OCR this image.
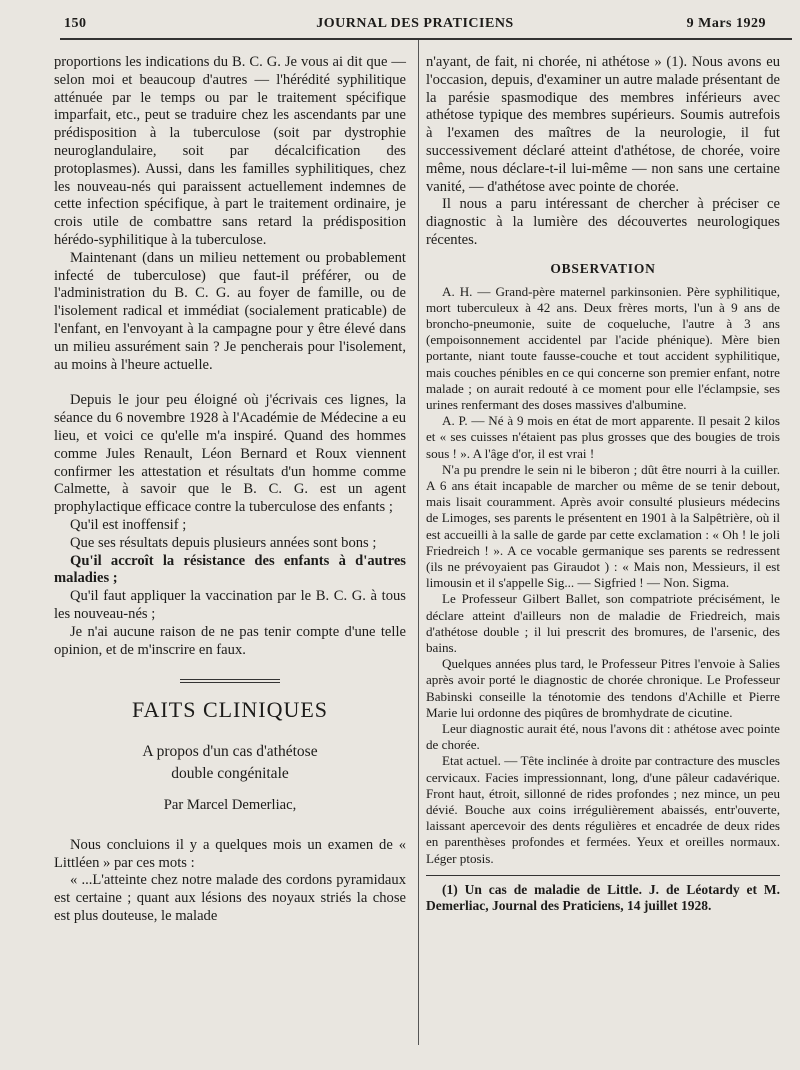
150	JOURNAL DES PRATICIENS	9 Mars 1929

proportions les indications du B. C. G. Je vous ai dit que — selon moi et beaucoup d'autres — l'hérédité syphilitique atténuée par le temps ou par le traitement spécifique imparfait, etc., peut se traduire chez les ascendants par une prédisposition à la tuberculose (soit par dystrophie neuroglandulaire, soit par décalcification des protoplasmes). Aussi, dans les familles syphilitiques, chez les nouveau-nés qui paraissent actuellement indemnes de cette infection spécifique, à part le traitement ordinaire, je crois utile de combattre sans retard la prédisposition hérédo-syphilitique à la tuberculose.

Maintenant (dans un milieu nettement ou probablement infecté de tuberculose) que faut-il préférer, ou de l'administration du B. C. G. au foyer de famille, ou de l'isolement radical et immédiat (socialement praticable) de l'enfant, en l'envoyant à la campagne pour y être élevé dans un milieu assurément sain ? Je pencherais pour l'isolement, au moins à l'heure actuelle.

Depuis le jour peu éloigné où j'écrivais ces lignes, la séance du 6 novembre 1928 à l'Académie de Médecine a eu lieu, et voici ce qu'elle m'a inspiré. Quand des hommes comme Jules Renault, Léon Bernard et Roux viennent confirmer les attestation et résultats d'un homme comme Calmette, à savoir que le B. C. G. est un agent prophylactique efficace contre la tuberculose des enfants ;

Qu'il est inoffensif ;

Que ses résultats depuis plusieurs années sont bons ;

Qu'il accroît la résistance des enfants à d'autres maladies ;

Qu'il faut appliquer la vaccination par le B. C. G. à tous les nouveau-nés ;

Je n'ai aucune raison de ne pas tenir compte d'une telle opinion, et de m'inscrire en faux.

FAITS CLINIQUES
A propos d'un cas d'athétose
double congénitale
Par Marcel Demerliac,

Nous concluions il y a quelques mois un examen de « Littléen » par ces mots :

« ...L'atteinte chez notre malade des cordons pyramidaux est certaine ; quant aux lésions des noyaux striés la chose est plus douteuse, le malade

n'ayant, de fait, ni chorée, ni athétose » (1). Nous avons eu l'occasion, depuis, d'examiner un autre malade présentant de la parésie spasmodique des membres inférieurs avec athétose typique des membres supérieurs. Soumis autrefois à l'examen des maîtres de la neurologie, il fut successivement déclaré atteint d'athétose, de chorée, voire même, nous déclare-t-il lui-même — non sans une certaine vanité, — d'athétose avec pointe de chorée.

Il nous a paru intéressant de chercher à préciser ce diagnostic à la lumière des découvertes neurologiques récentes.

OBSERVATION

A. H. — Grand-père maternel parkinsonien. Père syphilitique, mort tuberculeux à 42 ans. Deux frères morts, l'un à 9 ans de broncho-pneumonie, suite de coqueluche, l'autre à 3 ans (empoisonnement accidentel par l'acide phénique). Mère bien portante, niant toute fausse-couche et tout accident syphilitique, mais couches pénibles en ce qui concerne son premier enfant, notre malade ; on aurait redouté à ce moment pour elle l'éclampsie, ses urines renfermant des doses massives d'albumine.

A. P. — Né à 9 mois en état de mort apparente. Il pesait 2 kilos et « ses cuisses n'étaient pas plus grosses que des bougies de trois sous ! ». A l'âge d'or, il est vrai !

N'a pu prendre le sein ni le biberon ; dût être nourri à la cuiller. A 6 ans était incapable de marcher ou même de se tenir debout, mais lisait couramment. Après avoir consulté plusieurs médecins de Limoges, ses parents le présentent en 1901 à la Salpêtrière, où il est accueilli à la salle de garde par cette exclamation : « Oh ! le joli Friedreich ! ». A ce vocable germanique ses parents se redressent (ils ne prévoyaient pas Giraudot ) : « Mais non, Messieurs, il est limousin et il s'appelle Sig... — Sigfried ! — Non. Sigma.

Le Professeur Gilbert Ballet, son compatriote précisément, le déclare atteint d'ailleurs non de maladie de Friedreich, mais d'athétose double ; il lui prescrit des bromures, de l'arsenic, des bains.

Quelques années plus tard, le Professeur Pitres l'envoie à Salies après avoir porté le diagnostic de chorée chronique. Le Professeur Babinski conseille la ténotomie des tendons d'Achille et Pierre Marie lui ordonne des piqûres de bromhydrate de cicutine.

Leur diagnostic aurait été, nous l'avons dit : athétose avec pointe de chorée.

Etat actuel. — Tête inclinée à droite par contracture des muscles cervicaux. Facies impressionnant, long, d'une pâleur cadavérique. Front haut, étroit, sillonné de rides profondes ; nez mince, un peu dévié. Bouche aux coins irrégulièrement abaissés, entr'ouverte, laissant apercevoir des dents régulières et encadrée de deux rides en parenthèses profondes et fermées. Yeux et oreilles normaux. Léger ptosis.

(1) Un cas de maladie de Little. J. de Léotardy et M. Demerliac, Journal des Praticiens, 14 juillet 1928.
